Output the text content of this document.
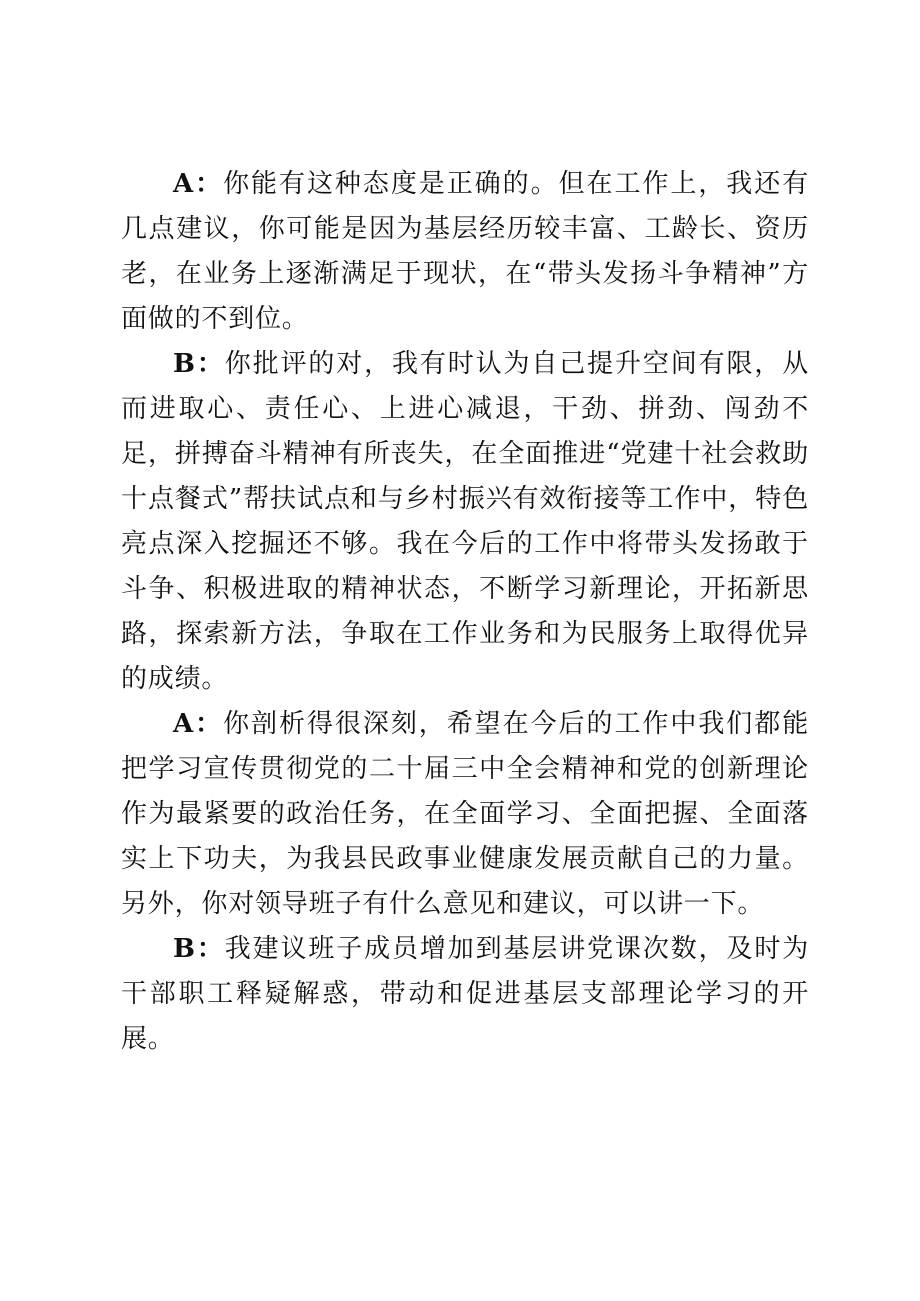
A：你能有这种态度是正确的。但在工作上，我还有几点建议，你可能是因为基层经历较丰富、工龄长、资历老，在业务上逐渐满足于现状，在“带头发扬斗争精神”方面做的不到位。

B：你批评的对，我有时认为自己提升空间有限，从而进取心、责任心、上进心减退，干劲、拼劲、闯劲不足，拼搏奋斗精神有所丧失，在全面推进“党建十社会救助十点餐式”帮扶试点和与乡村振兴有效衔接等工作中，特色亮点深入挖掘还不够。我在今后的工作中将带头发扬敢于斗争、积极进取的精神状态，不断学习新理论，开拓新思路，探索新方法，争取在工作业务和为民服务上取得优异的成绩。

A：你剖析得很深刻，希望在今后的工作中我们都能把学习宣传贯彻党的二十届三中全会精神和党的创新理论作为最紧要的政治任务，在全面学习、全面把握、全面落实上下功夫，为我县民政事业健康发展贡献自己的力量。另外，你对领导班子有什么意见和建议，可以讲一下。

B：我建议班子成员增加到基层讲党课次数，及时为干部职工释疑解惑，带动和促进基层支部理论学习的开展。
